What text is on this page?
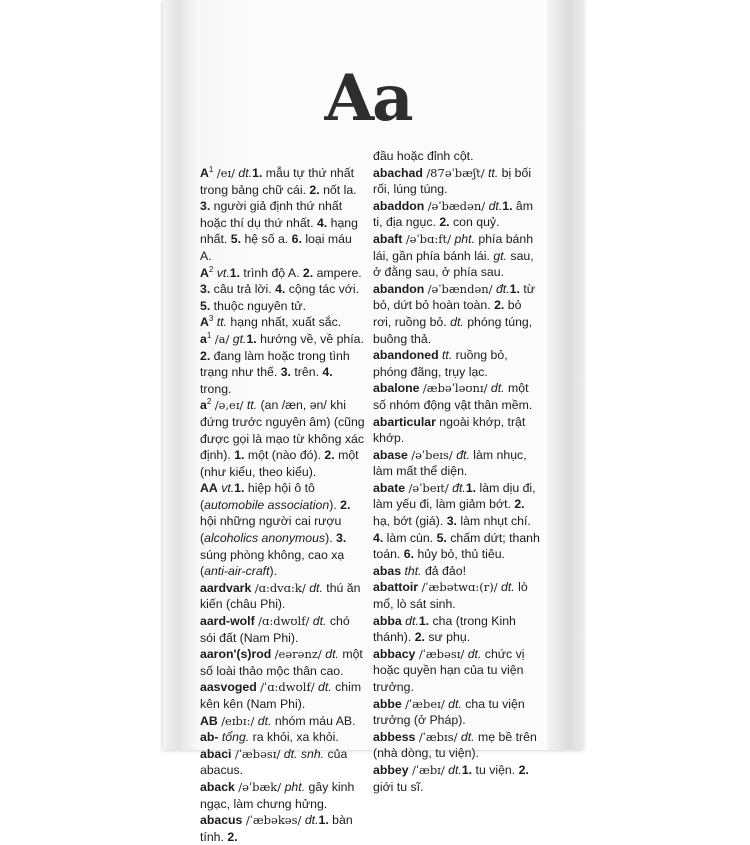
Aa

$A^1$ /eɪ/ dt.1. mẫu tự thứ nhất trong bảng chữ cái. 2. nốt la. 3. người giả định thứ nhất hoặc thí dụ thứ nhất. 4. hạng nhất. 5. hệ số a. 6. loại máu A.

$A^2$ vt.1. trình độ A. 2. ampere. 3. câu trả lời. 4. cộng tác với. 5. thuộc nguyên tử.

$A^3$ tt. hạng nhất, xuất sắc.

$a^1$ /a/ gt.1. hướng về, về phía. 2. đang làm hoặc trong tình trạng như thế. 3. trên. 4. trong.

$a^2$ /ə,eɪ/ tt. (an /æn, ən/ khi đứng trước nguyên âm) (cũng được gọi là mạo từ không xác định). 1. một (nào đó). 2. một (như kiểu, theo kiểu).

AA vt.1. hiệp hội ô tô (automobile association). 2. hội những người cai rượu (alcoholics anonymous). 3. súng phòng không, cao xạ (anti-air-craft).

aardvark /ɑ:dvɑ:k/ dt. thú ăn kiến (châu Phi).

aard-wolf /ɑ:dwʊlf/ dt. chó sói đất (Nam Phi).

aaron'(s)rod /eərənz/ dt. một số loài thảo mộc thân cao.

aasvoged /ˈɑ:dwʊlf/ dt. chim kên kên (Nam Phi).

AB /eɪbɪ:/ dt. nhóm máu AB.

ab- tổng. ra khỏi, xa khỏi.

abaci /ˈæbəsɪ/ dt. snh. của abacus.

aback /əˈbæk/ pht. gây kinh ngạc, làm chưng hửng.

abacus /ˈæbəkəs/ dt.1. bàn tính. 2.

đầu hoặc đỉnh cột.

abachad /87əˈbæʃt/ tt. bị bối rối, lúng túng.

abaddon /əˈbædən/ dt.1. âm ti, địa ngục. 2. con quỷ.

abaft /əˈbɑ:ft/ pht. phía bánh lái, gần phía bánh lái. gt. sau, ở đằng sau, ở phía sau.

abandon /əˈbændən/ đt.1. từ bỏ, dứt bỏ hoàn toàn. 2. bỏ rơi, ruồng bỏ. dt. phóng túng, buông thả.

abandoned tt. ruồng bỏ, phóng đãng, trụy lạc.

abalone /æbəˈləʊnɪ/ dt. một số nhóm động vật thân mềm.

abarticular ngoài khớp, trật khớp.

abase /əˈbeɪs/ đt. làm nhục, làm mất thể diện.

abate /əˈbeɪt/ đt.1. làm dịu đi, làm yếu đi, làm giảm bớt. 2. hạ, bớt (giá). 3. làm nhụt chí. 4. làm cùn. 5. chấm dứt; thanh toán. 6. hủy bỏ, thủ tiêu.

abas tht. đả đảo!

abattoir /ˈæbətwɑ:(r)/ dt. lò mổ, lò sát sinh.

abba dt.1. cha (trong Kinh thánh). 2. sư phụ.

abbacy /ˈæbəsɪ/ dt. chức vị hoặc quyền hạn của tu viện trưởng.

abbe /ˈæbeɪ/ dt. cha tu viện trưởng (ở Pháp).

abbess /ˈæbɪs/ dt. mẹ bề trên (nhà dòng, tu viện).

abbey /ˈæbɪ/ dt.1. tu viện. 2. giới tu sĩ.
